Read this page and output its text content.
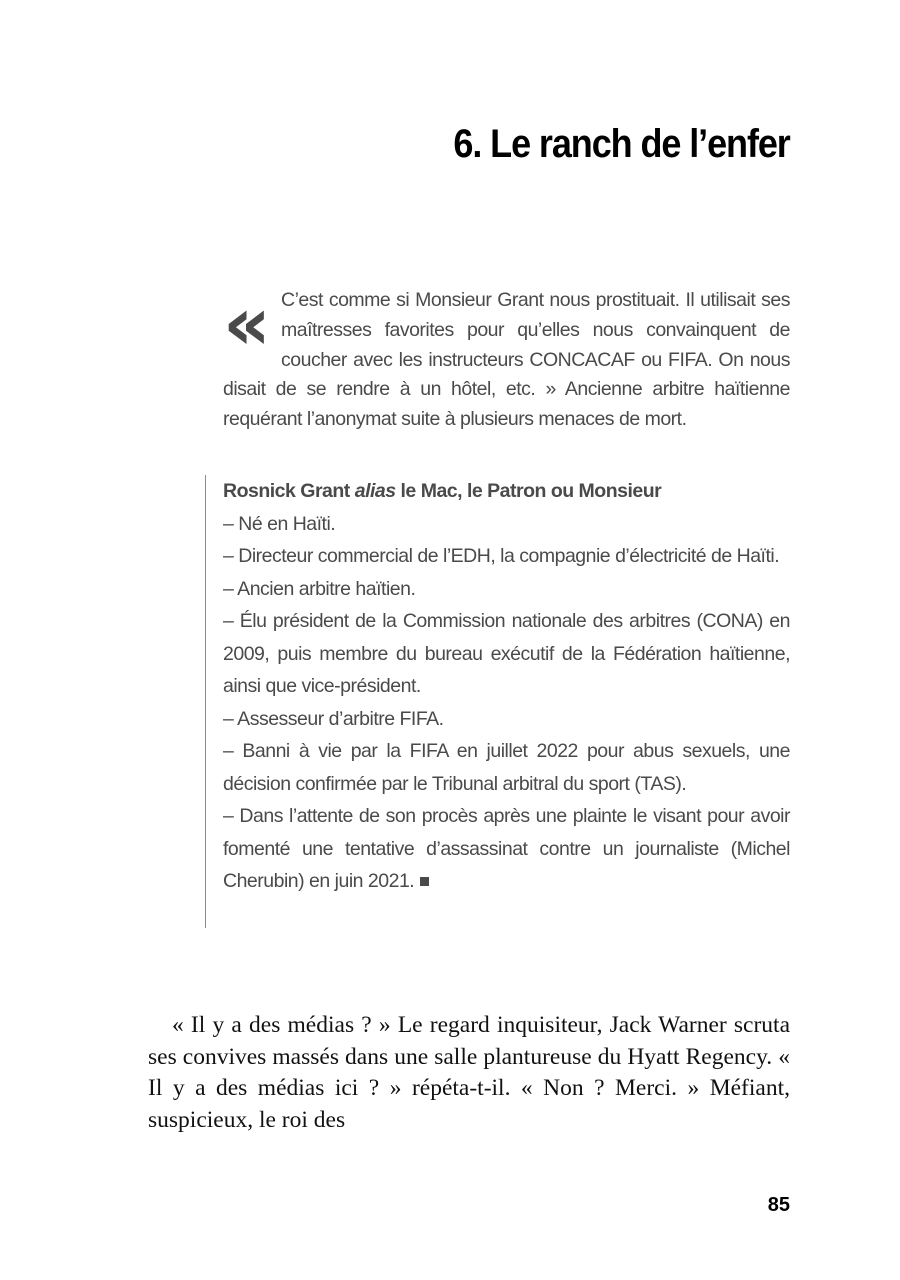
6. Le ranch de l’enfer
« C’est comme si Monsieur Grant nous prostituait. Il utilisait ses maîtresses favorites pour qu’elles nous convainquent de coucher avec les instructeurs CONCACAF ou FIFA. On nous disait de se rendre à un hôtel, etc. » Ancienne arbitre haïtienne requérant l’anonymat suite à plusieurs menaces de mort.

Rosnick Grant alias le Mac, le Patron ou Monsieur

– Né en Haïti.

– Directeur commercial de l’EDH, la compagnie d’électricité de Haïti.

– Ancien arbitre haïtien.

– Élu président de la Commission nationale des arbitres (CONA) en 2009, puis membre du bureau exécutif de la Fédération haïtienne, ainsi que vice-président.

– Assesseur d’arbitre FIFA.

– Banni à vie par la FIFA en juillet 2022 pour abus sexuels, une décision confirmée par le Tribunal arbitral du sport (TAS).

– Dans l’attente de son procès après une plainte le visant pour avoir fomenté une tentative d’assassinat contre un journaliste (Michel Cherubin) en juin 2021.

« Il y a des médias ? » Le regard inquisiteur, Jack Warner scruta ses convives massés dans une salle plantureuse du Hyatt Regency. « Il y a des médias ici ? » répéta-t-il. « Non ? Merci. » Méfiant, suspicieux, le roi des

85
